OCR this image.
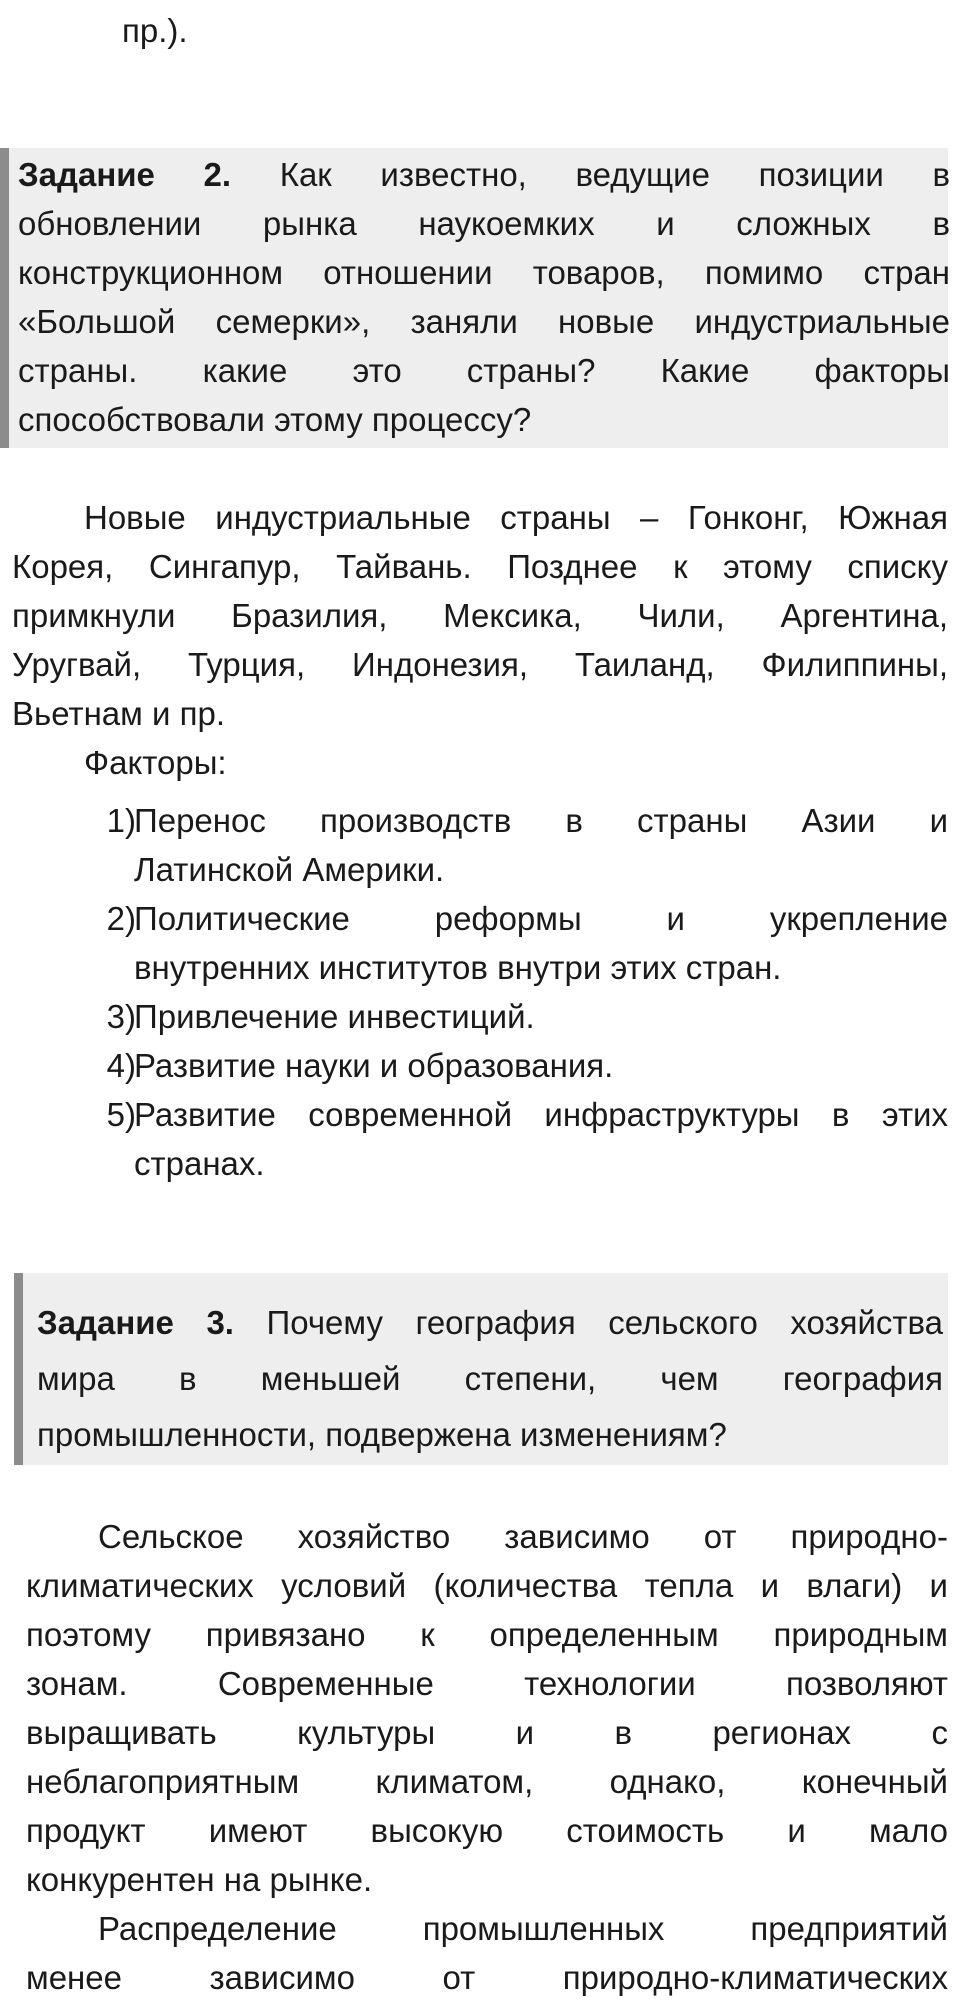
пр.).
Задание 2. Как известно, ведущие позиции в
обновлении рынка наукоемких и сложных в
конструкционном отношении товаров, помимо стран
«Большой семерки», заняли новые индустриальные
страны. какие это страны? Какие факторы
способствовали этому процессу?
Новые индустриальные страны – Гонконг, Южная
Корея, Сингапур, Тайвань. Позднее к этому списку
примкнули Бразилия, Мексика, Чили, Аргентина,
Уругвай, Турция, Индонезия, Таиланд, Филиппины,
Вьетнам и пр.
Факторы:
1)
Перенос производств в страны Азии и
Латинской Америки.
2)
Политические реформы и укрепление
внутренних институтов внутри этих стран.
3)
Привлечение инвестиций.
4)
Развитие науки и образования.
5)
Развитие современной инфраструктуры в этих
странах.
Задание 3. Почему география сельского хозяйства
мира в меньшей степени, чем география
промышленности, подвержена изменениям?
Сельское хозяйство зависимо от природно-
климатических условий (количества тепла и влаги) и
поэтому привязано к определенным природным
зонам. Современные технологии позволяют
выращивать культуры и в регионах с
неблагоприятным климатом, однако, конечный
продукт имеют высокую стоимость и мало
конкурентен на рынке.
Распределение промышленных предприятий
менее зависимо от природно-климатических
